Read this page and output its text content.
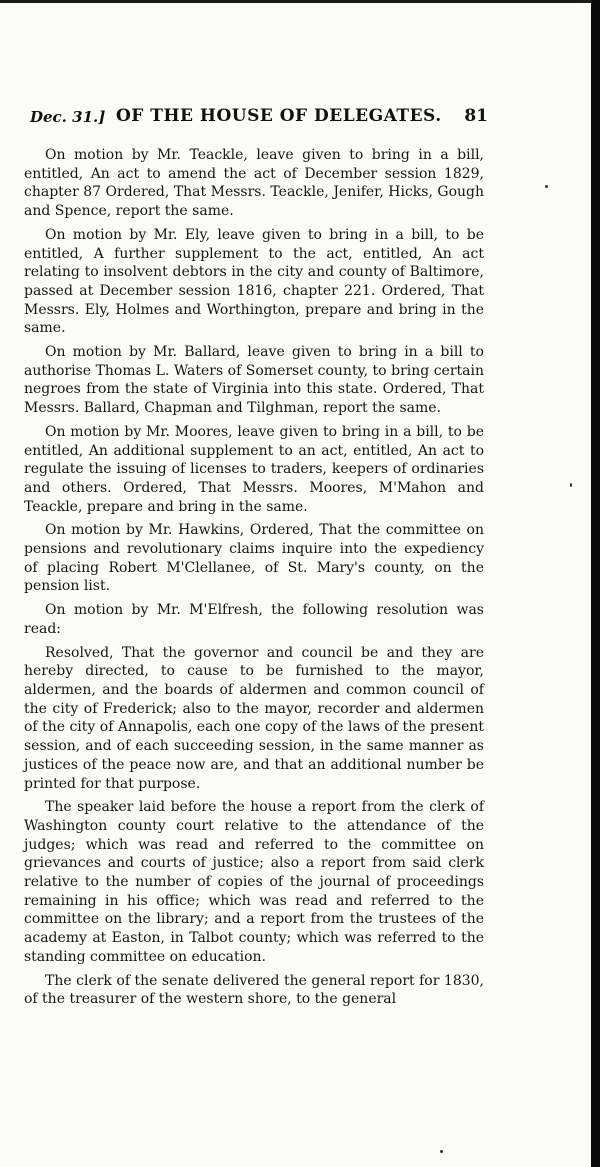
Dec. 31.] OF THE HOUSE OF DELEGATES. 81

On motion by Mr. Teackle, leave given to bring in a bill, entitled, An act to amend the act of December session 1829, chapter 87 Ordered, That Messrs. Teackle, Jenifer, Hicks, Gough and Spence, report the same.

On motion by Mr. Ely, leave given to bring in a bill, to be entitled, A further supplement to the act, entitled, An act relating to insolvent debtors in the city and county of Baltimore, passed at December session 1816, chapter 221. Ordered, That Messrs. Ely, Holmes and Worthington, prepare and bring in the same.

On motion by Mr. Ballard, leave given to bring in a bill to authorise Thomas L. Waters of Somerset county, to bring certain negroes from the state of Virginia into this state. Ordered, That Messrs. Ballard, Chapman and Tilghman, report the same.

On motion by Mr. Moores, leave given to bring in a bill, to be entitled, An additional supplement to an act, entitled, An act to regulate the issuing of licenses to traders, keepers of ordinaries and others. Ordered, That Messrs. Moores, M'Mahon and Teackle, prepare and bring in the same.

On motion by Mr. Hawkins, Ordered, That the committee on pensions and revolutionary claims inquire into the expediency of placing Robert M'Clellanee, of St. Mary's county, on the pension list.

On motion by Mr. M'Elfresh, the following resolution was read:

Resolved, That the governor and council be and they are hereby directed, to cause to be furnished to the mayor, aldermen, and the boards of aldermen and common council of the city of Frederick; also to the mayor, recorder and aldermen of the city of Annapolis, each one copy of the laws of the present session, and of each succeeding session, in the same manner as justices of the peace now are, and that an additional number be printed for that purpose.

The speaker laid before the house a report from the clerk of Washington county court relative to the attendance of the judges; which was read and referred to the committee on grievances and courts of justice; also a report from said clerk relative to the number of copies of the journal of proceedings remaining in his office; which was read and referred to the committee on the library; and a report from the trustees of the academy at Easton, in Talbot county; which was referred to the standing committee on education.

The clerk of the senate delivered the general report for 1830, of the treasurer of the western shore, to the general
